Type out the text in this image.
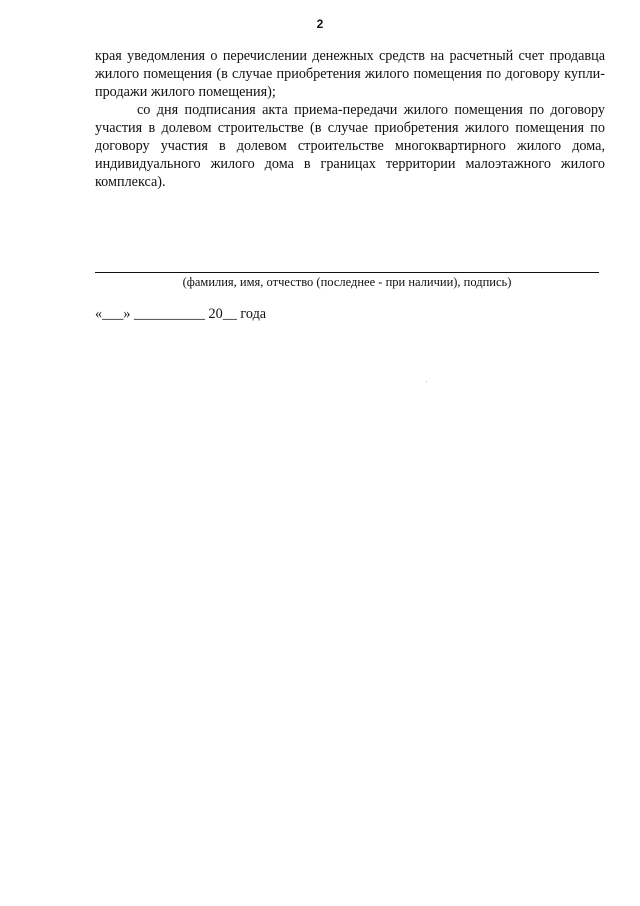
2

края уведомления о перечислении денежных средств на расчетный счет продавца жилого помещения (в случае приобретения жилого помещения по договору купли-продажи жилого помещения);

со дня подписания акта приема-передачи жилого помещения по договору участия в долевом строительстве (в случае приобретения жилого помещения по договору участия в долевом строительстве многоквартирного жилого дома, индивидуального жилого дома в границах территории малоэтажного жилого комплекса).

(фамилия, имя, отчество (последнее - при наличии), подпись)
«___» __________ 20__ года
